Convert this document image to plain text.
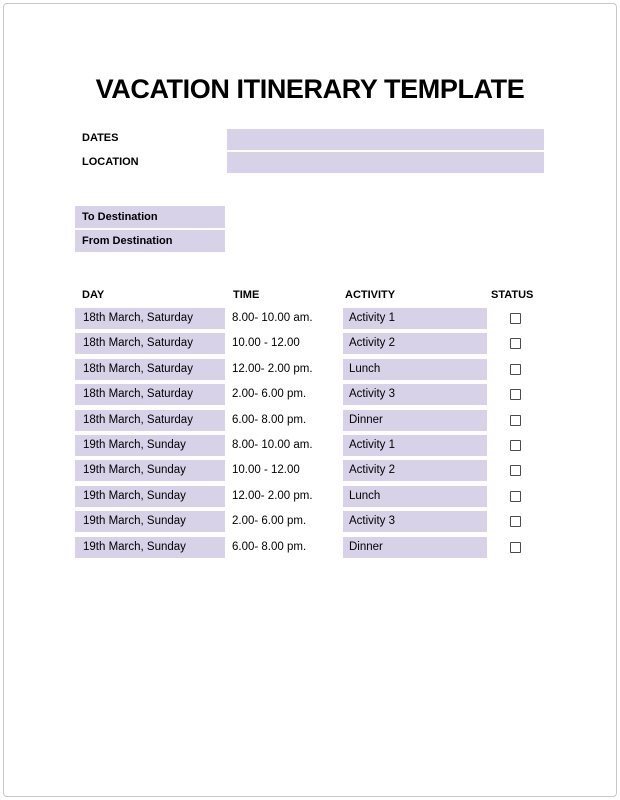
VACATION ITINERARY TEMPLATE
DATES
LOCATION
To Destination
From Destination
DAY	TIME	ACTIVITY	STATUS
18th March, Saturday	8.00- 10.00 am.	Activity 1
18th March, Saturday	10.00 - 12.00	Activity 2
18th March, Saturday	12.00- 2.00 pm.	Lunch
18th March, Saturday	2.00- 6.00 pm.	Activity 3
18th March, Saturday	6.00- 8.00 pm.	Dinner
19th March, Sunday	8.00- 10.00 am.	Activity 1
19th March, Sunday	10.00 - 12.00	Activity 2
19th March, Sunday	12.00- 2.00 pm.	Lunch
19th March, Sunday	2.00- 6.00 pm.	Activity 3
19th March, Sunday	6.00- 8.00 pm.	Dinner
